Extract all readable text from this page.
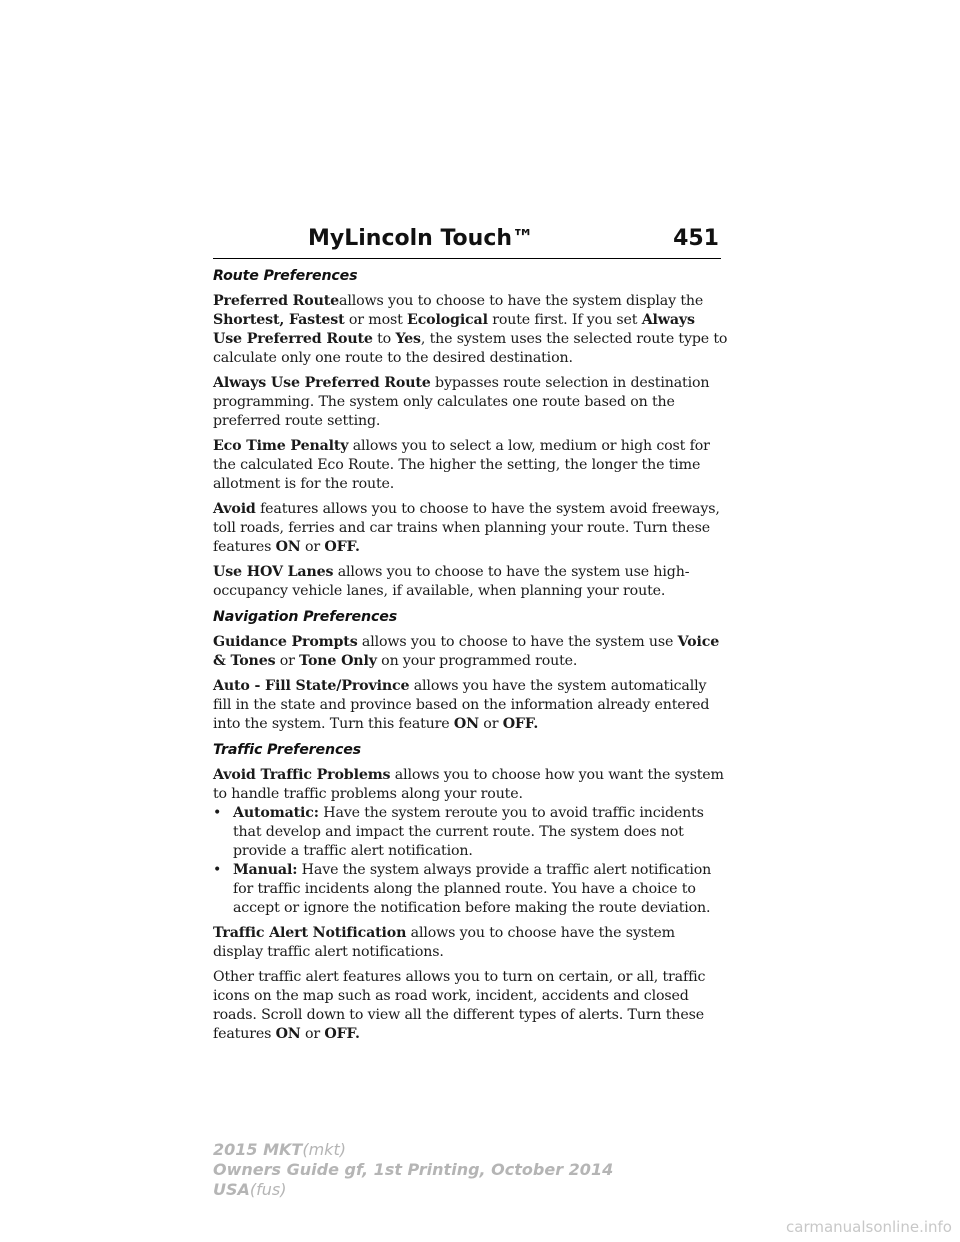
MyLincoln Touch™	451
Route Preferences

Preferred Routeallows you to choose to have the system display the Shortest, Fastest or most Ecological route first. If you set Always Use Preferred Route to Yes, the system uses the selected route type to calculate only one route to the desired destination.

Always Use Preferred Route bypasses route selection in destination programming. The system only calculates one route based on the preferred route setting.

Eco Time Penalty allows you to select a low, medium or high cost for the calculated Eco Route. The higher the setting, the longer the time allotment is for the route.

Avoid features allows you to choose to have the system avoid freeways, toll roads, ferries and car trains when planning your route. Turn these features ON or OFF.

Use HOV Lanes allows you to choose to have the system use high-occupancy vehicle lanes, if available, when planning your route.

Navigation Preferences

Guidance Prompts allows you to choose to have the system use Voice & Tones or Tone Only on your programmed route.

Auto - Fill State/Province allows you have the system automatically fill in the state and province based on the information already entered into the system. Turn this feature ON or OFF.

Traffic Preferences

Avoid Traffic Problems allows you to choose how you want the system to handle traffic problems along your route.

• Automatic: Have the system reroute you to avoid traffic incidents that develop and impact the current route. The system does not provide a traffic alert notification.

• Manual: Have the system always provide a traffic alert notification for traffic incidents along the planned route. You have a choice to accept or ignore the notification before making the route deviation.

Traffic Alert Notification allows you to choose have the system display traffic alert notifications.

Other traffic alert features allows you to turn on certain, or all, traffic icons on the map such as road work, incident, accidents and closed roads. Scroll down to view all the different types of alerts. Turn these features ON or OFF.

2015 MKT(mkt)
Owners Guide gf, 1st Printing, October 2014
USA(fus)
carmanualsonline.info
